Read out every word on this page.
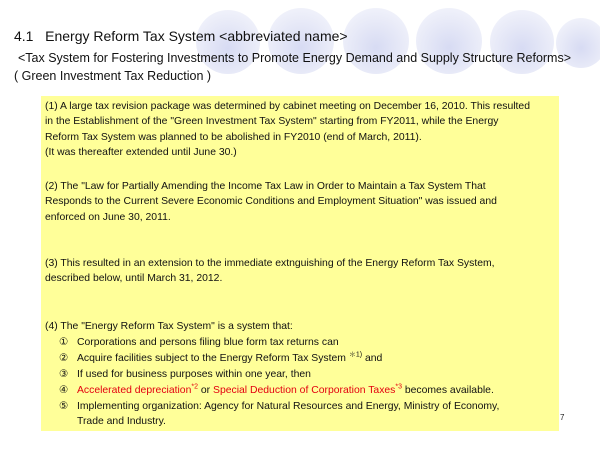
4.1 Energy Reform Tax System <abbreviated name>
<Tax System for Fostering Investments to Promote Energy Demand and Supply Structure Reforms>
( Green Investment Tax Reduction )
(1) A large tax revision package was determined by cabinet meeting on December 16, 2010. This resulted
in the Establishment of the "Green Investment Tax System" starting from FY2011, while the Energy
Reform Tax System was planned to be abolished in FY2010 (end of March, 2011).
(It was thereafter extended until June 30.)
(2) The "Law for Partially Amending the Income Tax Law in Order to Maintain a Tax System That
Responds to the Current Severe Economic Conditions and Employment Situation" was issued and
enforced on June 30, 2011.
(3) This resulted in an extension to the immediate extnguishing of the Energy Reform Tax System,
described below, until March 31, 2012.
(4) The "Energy Reform Tax System" is a system that:
① Corporations and persons filing blue form tax returns can
② Acquire facilities subject to the Energy Reform Tax System $^{*1)}$ and
③ If used for business purposes within one year, then
④ Accelerated depreciation$^{*2}$ or Special Deduction of Corporation Taxes$^{*3}$ becomes available.
⑤ Implementing organization: Agency for Natural Resources and Energy, Ministry of Economy,
Trade and Industry.	7
